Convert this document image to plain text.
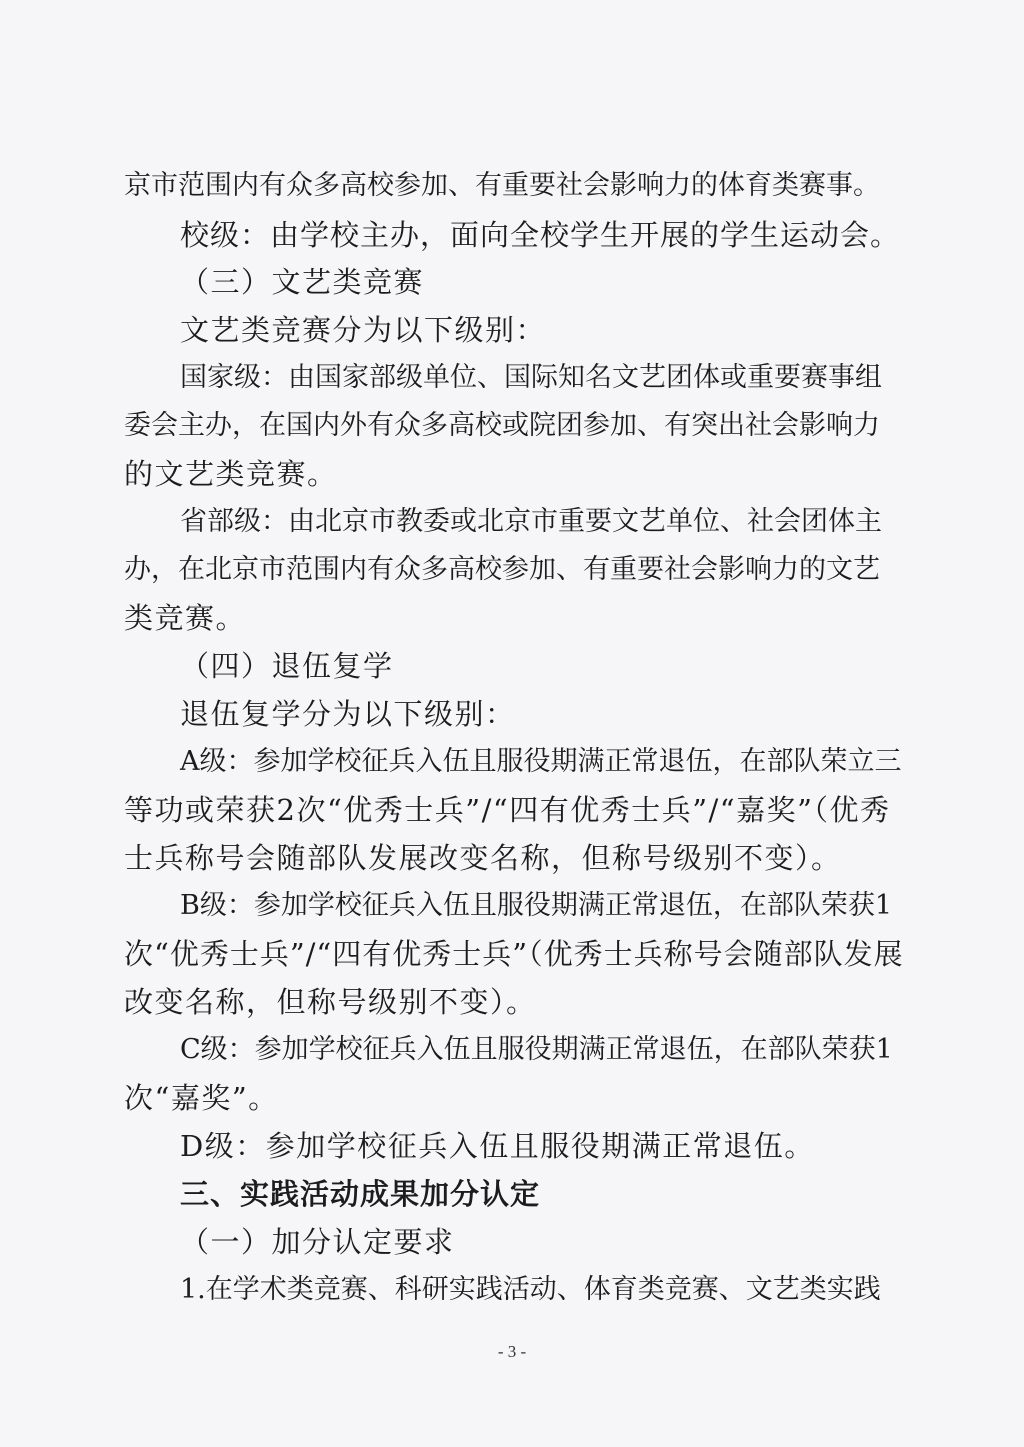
京市范围内有众多高校参加、有重要社会影响力的体育类赛事。
校级：由学校主办，面向全校学生开展的学生运动会。
（三）文艺类竞赛
文艺类竞赛分为以下级别：
国家级：由国家部级单位、国际知名文艺团体或重要赛事组
委会主办，在国内外有众多高校或院团参加、有突出社会影响力
的文艺类竞赛。
省部级：由北京市教委或北京市重要文艺单位、社会团体主
办，在北京市范围内有众多高校参加、有重要社会影响力的文艺
类竞赛。
（四）退伍复学
退伍复学分为以下级别：
A级：参加学校征兵入伍且服役期满正常退伍，在部队荣立三
等功或荣获2次“优秀士兵”/“四有优秀士兵”/“嘉奖”（优秀
士兵称号会随部队发展改变名称，但称号级别不变）。
B级：参加学校征兵入伍且服役期满正常退伍，在部队荣获1
次“优秀士兵”/“四有优秀士兵”（优秀士兵称号会随部队发展
改变名称，但称号级别不变）。
C级：参加学校征兵入伍且服役期满正常退伍，在部队荣获1
次“嘉奖”。
D级：参加学校征兵入伍且服役期满正常退伍。
三、实践活动成果加分认定
（一）加分认定要求
1.在学术类竞赛、科研实践活动、体育类竞赛、文艺类实践
- 3 -
